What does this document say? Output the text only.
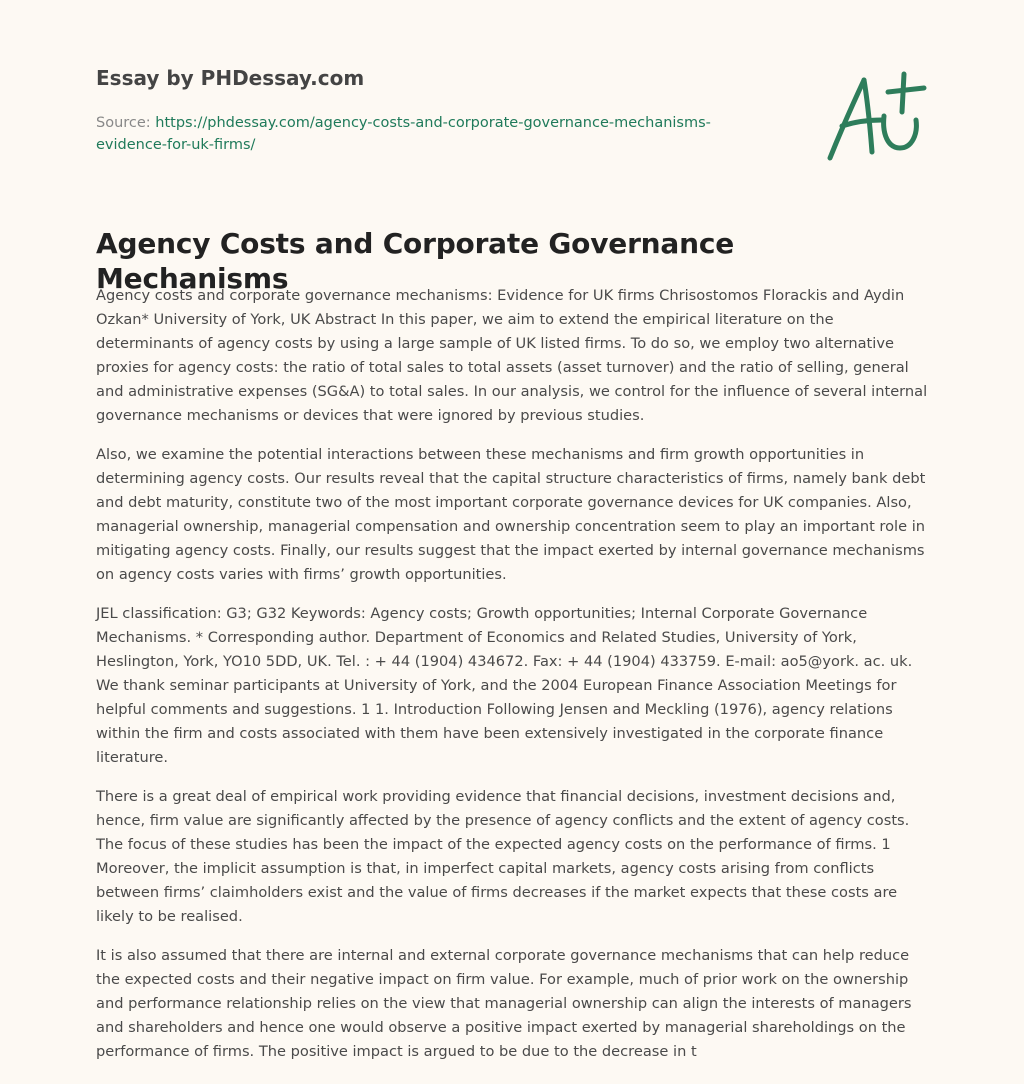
Essay by PHDessay.com
Source: https://phdessay.com/agency-costs-and-corporate-governance-mechanisms-
evidence-for-uk-firms/
Agency Costs and Corporate Governance Mechanisms

Agency costs and corporate governance mechanisms: Evidence for UK firms Chrisostomos Florackis and Aydin Ozkan* University of York, UK Abstract In this paper, we aim to extend the empirical literature on the determinants of agency costs by using a large sample of UK listed firms. To do so, we employ two alternative proxies for agency costs: the ratio of total sales to total assets (asset turnover) and the ratio of selling, general and administrative expenses (SG&A) to total sales. In our analysis, we control for the influence of several internal governance mechanisms or devices that were ignored by previous studies.

Also, we examine the potential interactions between these mechanisms and firm growth opportunities in determining agency costs. Our results reveal that the capital structure characteristics of firms, namely bank debt and debt maturity, constitute two of the most important corporate governance devices for UK companies. Also, managerial ownership, managerial compensation and ownership concentration seem to play an important role in mitigating agency costs. Finally, our results suggest that the impact exerted by internal governance mechanisms on agency costs varies with firms’ growth opportunities.

JEL classification: G3; G32 Keywords: Agency costs; Growth opportunities; Internal Corporate Governance Mechanisms. * Corresponding author. Department of Economics and Related Studies, University of York, Heslington, York, YO10 5DD, UK. Tel. : + 44 (1904) 434672. Fax: + 44 (1904) 433759. E-mail: ao5@york. ac. uk. We thank seminar participants at University of York, and the 2004 European Finance Association Meetings for helpful comments and suggestions. 1 1. Introduction Following Jensen and Meckling (1976), agency relations within the firm and costs associated with them have been extensively investigated in the corporate finance literature.

There is a great deal of empirical work providing evidence that financial decisions, investment decisions and, hence, firm value are significantly affected by the presence of agency conflicts and the extent of agency costs. The focus of these studies has been the impact of the expected agency costs on the performance of firms. 1 Moreover, the implicit assumption is that, in imperfect capital markets, agency costs arising from conflicts between firms’ claimholders exist and the value of firms decreases if the market expects that these costs are likely to be realised.

It is also assumed that there are internal and external corporate governance mechanisms that can help reduce the expected costs and their negative impact on firm value. For example, much of prior work on the ownership and performance relationship relies on the view that managerial ownership can align the interests of managers and shareholders and hence one would observe a positive impact exerted by managerial shareholdings on the performance of firms. The positive impact is argued to be due to the decrease in t
